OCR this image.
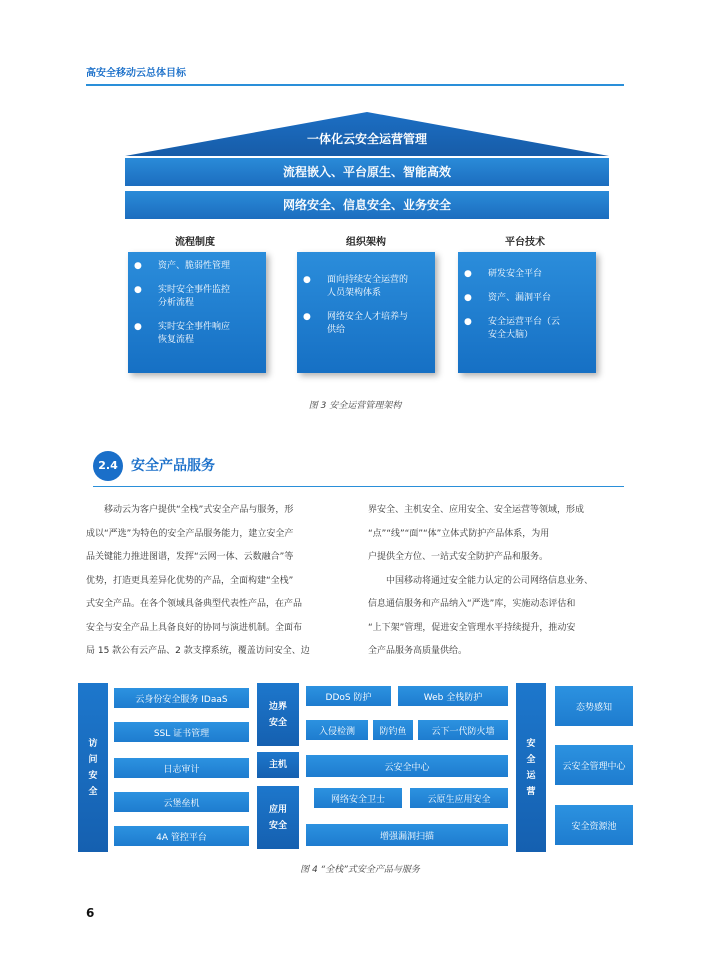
高安全移动云总体目标
一体化云安全运营管理
流程嵌入、平台原生、智能高效
网络安全、信息安全、业务安全
流程制度	组织架构	平台技术
●	资产、脆弱性管理
●	实时安全事件监控分析流程
●	实时安全事件响应恢复流程
●	面向持续安全运营的人员架构体系
●	网络安全人才培养与供给
●	研发安全平台
●	资产、漏洞平台
●	安全运营平台（云安全大脑）
图 3 安全运营管理架构
2.4 安全产品服务

　　移动云为客户提供“全栈”式安全产品与服务，形

成以“严选”为特色的安全产品服务能力，建立安全产

品关键能力推进图谱，发挥“云网一体、云数融合”等

优势，打造更具差异化优势的产品，全面构建“全栈”

式安全产品。在各个领域具备典型代表性产品，在产品

安全与安全产品上具备良好的协同与演进机制。全面布

局 15 款公有云产品、2 款支撑系统，覆盖访问安全、边

界安全、主机安全、应用安全、安全运营等领域，形成

“点”“线”“面”“体”立体式防护产品体系，为用

户提供全方位、一站式安全防护产品和服务。

　　中国移动将通过安全能力认定的公司网络信息业务、

信息通信服务和产品纳入“严选”库，实施动态评估和

“上下架”管理，促进安全管理水平持续提升，推动安

全产品服务高质量供给。

访
问
安
全
云身份安全服务 IDaaS
SSL 证书管理
日志审计
云堡垒机
4A 管控平台
边界
安全
DDoS 防护	Web 全栈防护
入侵检测	防钓鱼	云下一代防火墙
主机	云安全中心
应用
安全
网络安全卫士	云原生应用安全
增强漏洞扫描
安
全
运
营
态势感知
云安全管理中心
安全资源池
图 4 “全栈”式安全产品与服务
6
